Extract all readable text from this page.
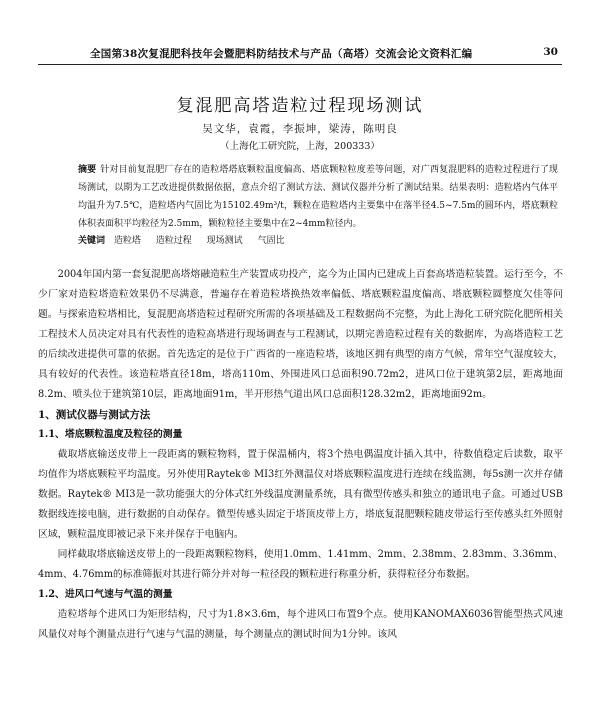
全国第38次复混肥科技年会暨肥料防结技术与产品（高塔）交流会论文资料汇编	30
复混肥高塔造粒过程现场测试
吴文华，袁霞，李振坤，梁涛，陈明良
（上海化工研究院，上海，200333）
摘要 针对目前复混肥厂存在的造粒塔塔底颗粒温度偏高、塔底颗粒粒度差等问题，对广西复混肥料的造粒过程进行了现场测试，以期为工艺改进提供数据依据，意点介绍了测试方法、测试仪器并分析了测试结果。结果表明：造粒塔内气体平均温升为7.5℃，造粒塔内气固比为15102.49m³/t，颗粒在造粒塔内主要集中在落半径4.5~7.5m的圆环内，塔底颗粒体积表面积平均粒径为2.5mm，颗粒粒径主要集中在2~4mm粒径内。
关键词 造粒塔 造粒过程 现场测试 气固比

2004年国内第一套复混肥高塔熔融造粒生产装置成功投产，迄今为止国内已建成上百套高塔造粒装置。运行至今，不少厂家对造粒塔造粒效果仍不尽满意，普遍存在着造粒塔换热效率偏低、塔底颗粒温度偏高、塔底颗粒圆整度欠佳等问题。与探索造粒塔相比，复混肥高塔造粒过程研究所需的各项基础及工程数据尚不完整，为此上海化工研究院化肥所相关工程技术人员决定对具有代表性的造粒高塔进行现场调查与工程测试，以期完善造粒过程有关的数据库，为高塔造粒工艺的后续改进提供可靠的依据。首先选定的是位于广西省的一座造粒塔，该地区拥有典型的南方气候，常年空气湿度较大，具有较好的代表性。该造粒塔直径18m，塔高110m、外围进风口总面积90.72m2，进风口位于建筑第2层，距离地面8.2m、喷头位于建筑第10层，距离地面91m，半开形热气道出风口总面积128.32m2，距离地面92m。

1、测试仪器与测试方法
1.1、塔底颗粒温度及粒径的测量

截取塔底输送皮带上一段距离的颗粒物料，置于保温桶内，将3个热电偶温度计插入其中，待数值稳定后读数，取平均值作为塔底颗粒平均温度。另外使用Raytek® MI3红外测温仪对塔底颗粒温度进行连续在线监测，每5s测一次并存储数据。Raytek® MI3是一款功能强大的分体式红外线温度测量系统，具有微型传感头和独立的通讯电子盒。可通过USB数据线连接电脑，进行数据的自动保存。微型传感头固定于塔顶皮带上方，塔底复混肥颗粒随皮带运行至传感头红外照射区域，颗粒温度即被记录下来并保存于电脑内。

同样截取塔底输送皮带上的一段距离颗粒物料，使用1.0mm、1.41mm、2mm、2.38mm、2.83mm、3.36mm、4mm、4.76mm的标准筛振对其进行筛分并对每一粒径段的颗粒进行称重分析，获得粒径分布数据。

1.2、进风口气速与气温的测量

造粒塔每个进风口为矩形结构，尺寸为1.8×3.6m，每个进风口布置9个点。使用KANOMAX6036智能型热式风速风量仪对每个测量点进行气速与气温的测量，每个测量点的测试时间为1分钟。该风
